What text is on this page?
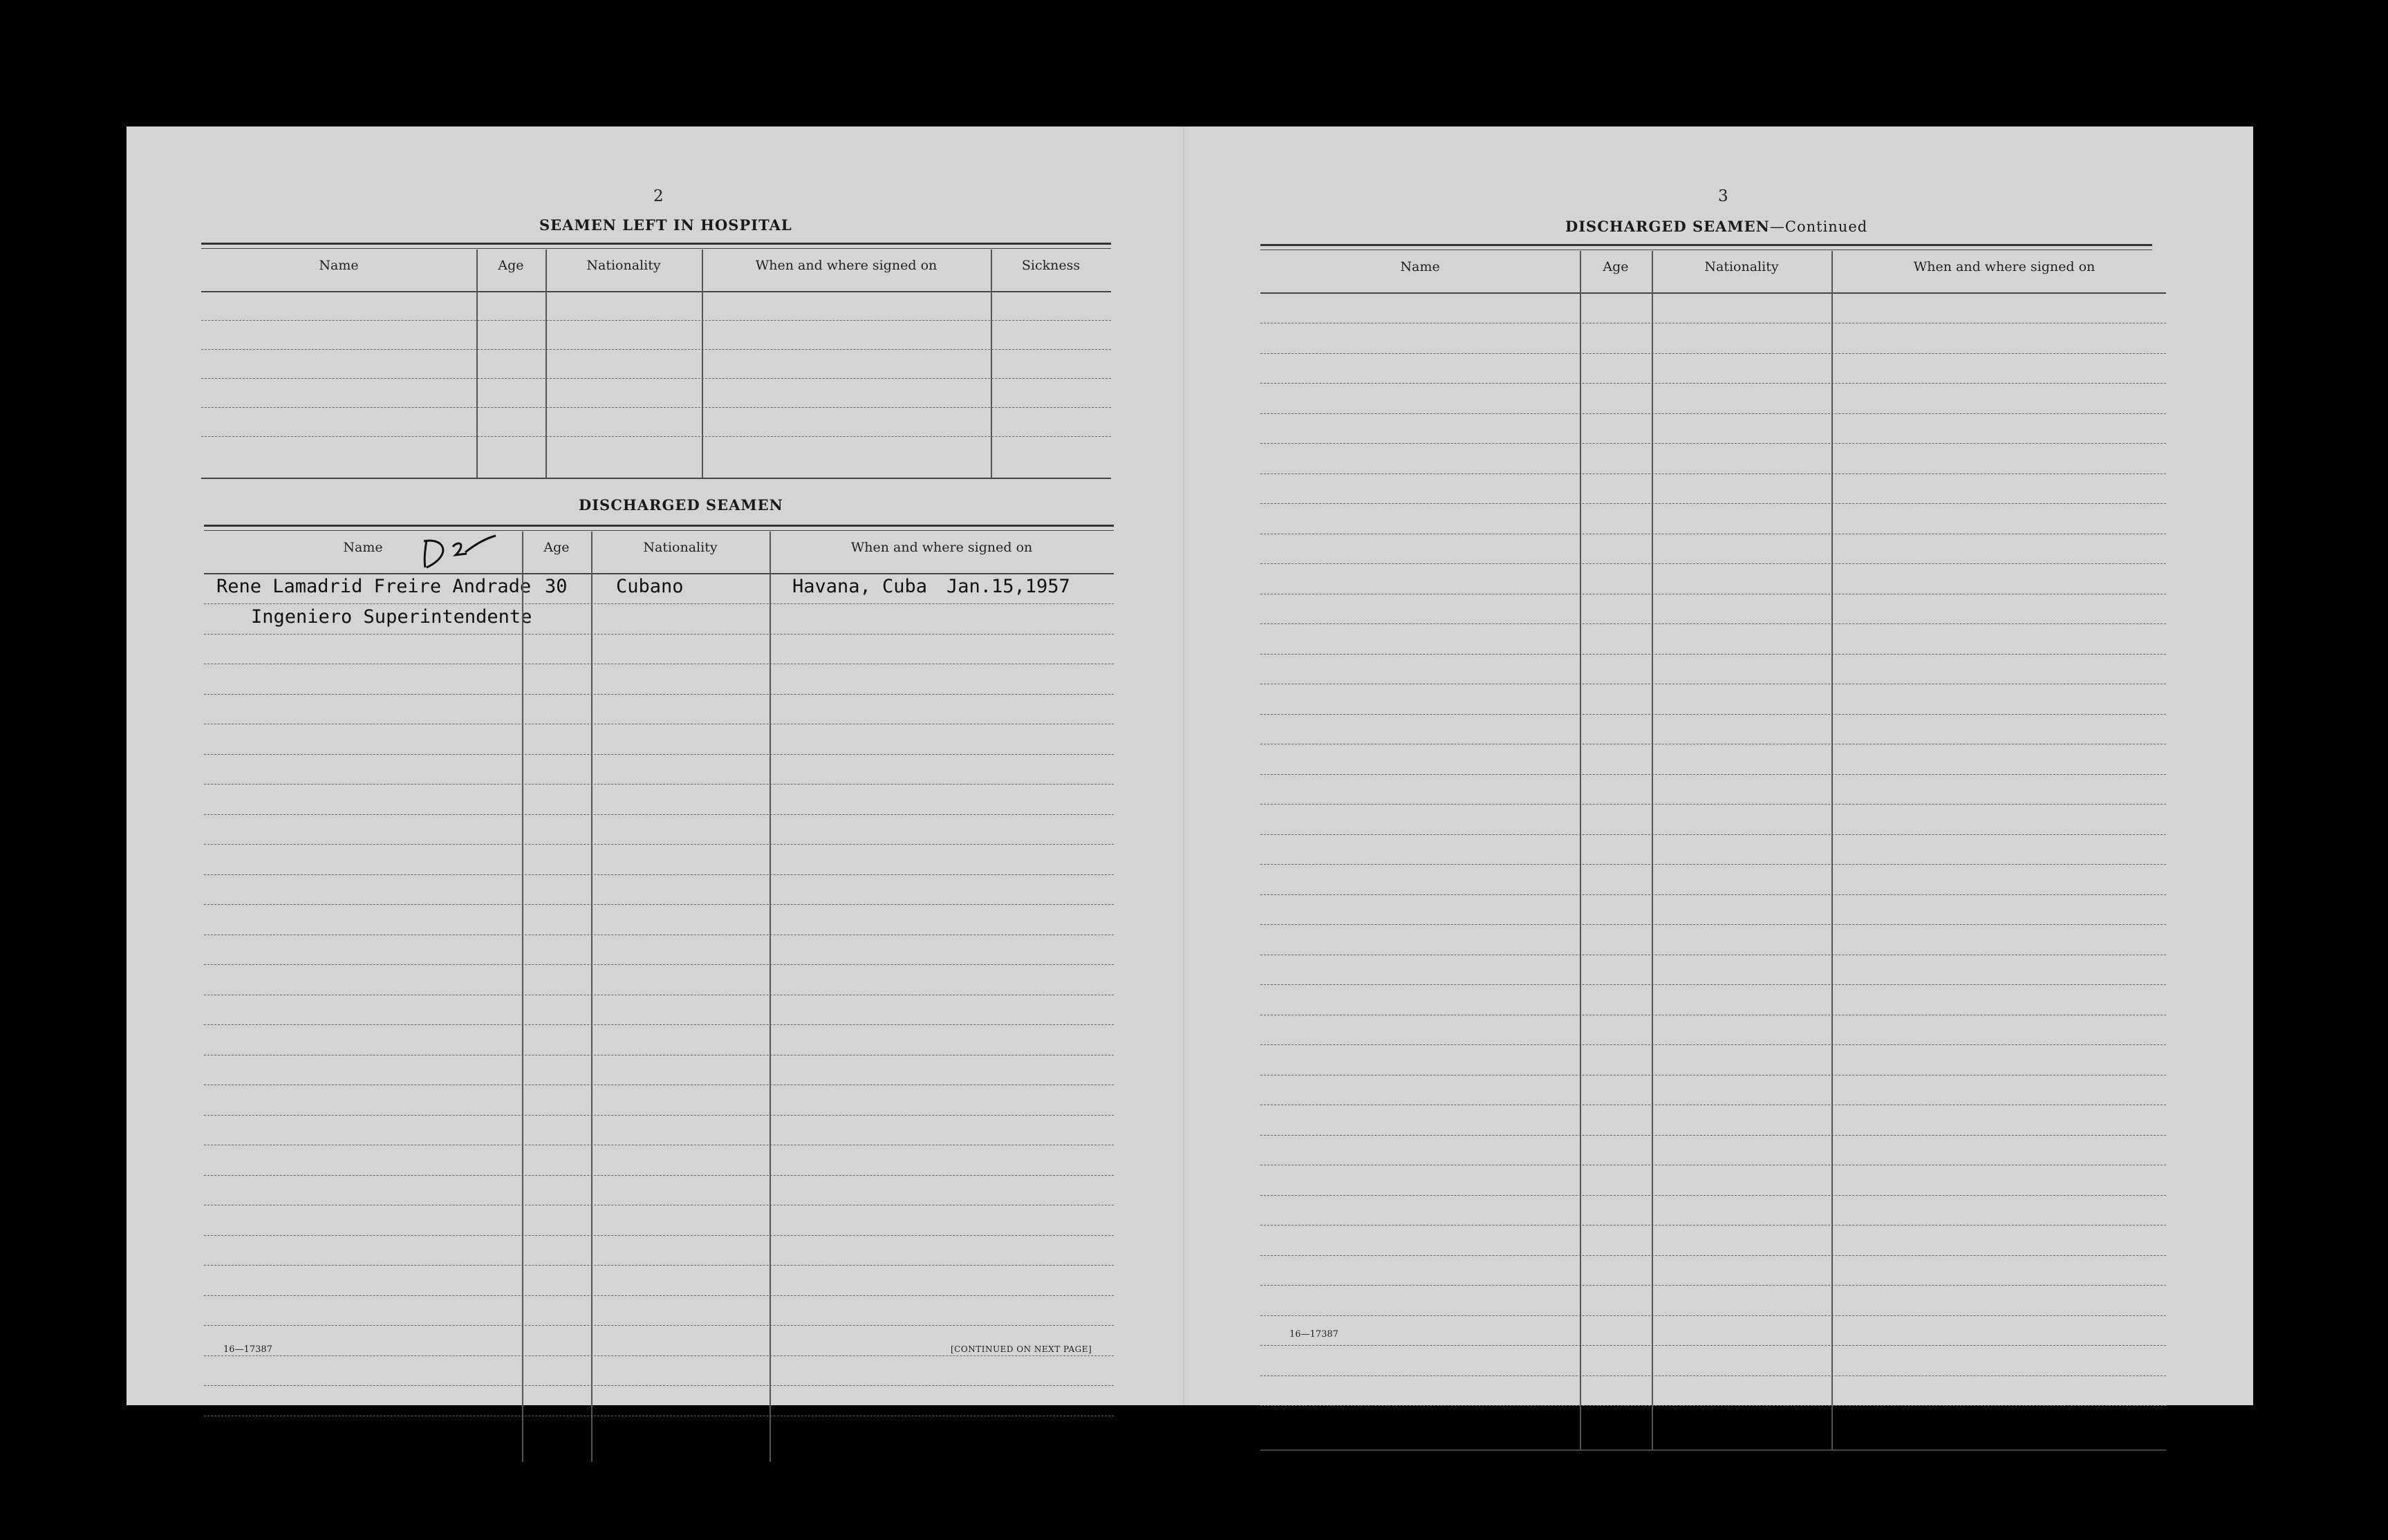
2
SEAMEN LEFT IN HOSPITAL
Name	Age	Nationality	When and where signed on	Sickness
DISCHARGED SEAMEN
Name	Age	Nationality	When and where signed on
Rene Lamadrid Freire Andrade
Ingeniero Superintendente
30	Cubano	Havana, Cuba Jan.15,1957
16—17387	[CONTINUED ON NEXT PAGE]
D
3
DISCHARGED SEAMEN—Continued
Name	Age	Nationality	When and where signed on
16—17387
